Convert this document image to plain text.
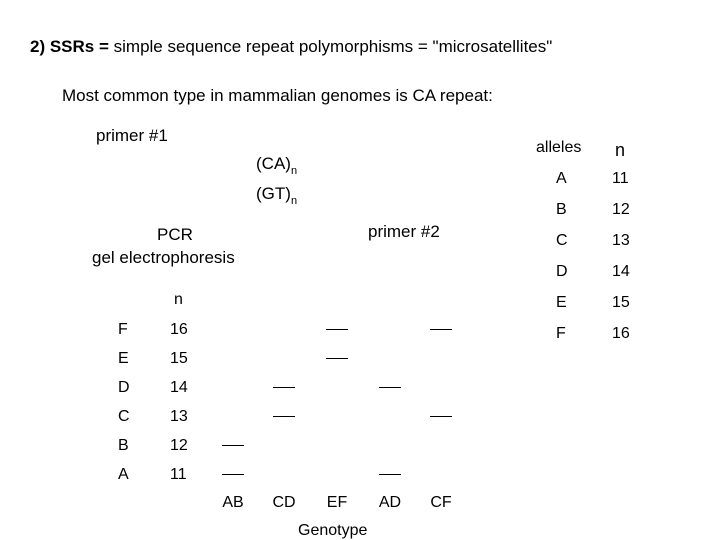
2) SSRs = simple sequence repeat polymorphisms = "microsatellites"
Most common type in mammalian genomes is CA repeat:
primer #1
$(CA)_n$
$(GT)_n$
primer #2
PCR
gel electrophoresis
alleles n
A	11
B	12
C	13
D	14
E	15
F	16
n
F	16
E	15
D	14
C	13
B	12
A	11
AB	CD	EF	AD	CF
Genotype
